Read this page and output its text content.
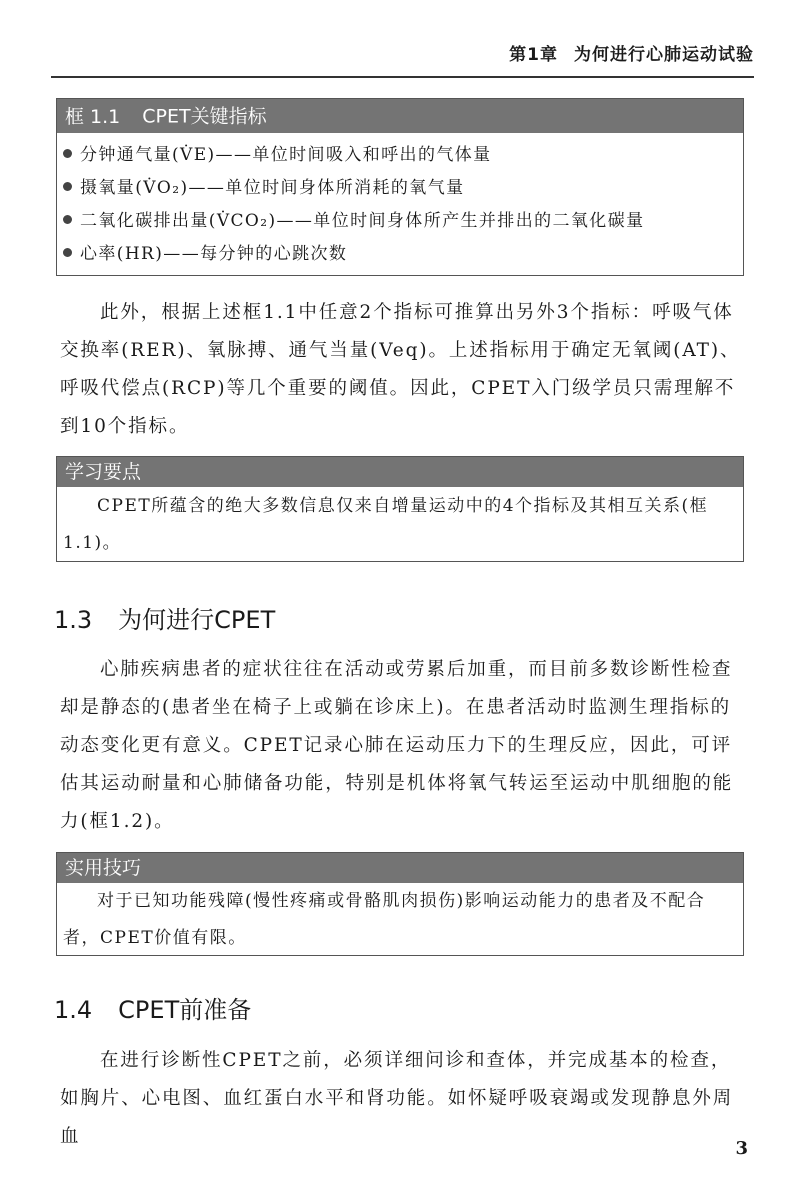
第1章 为何进行心肺运动试验
框 1.1 CPET关键指标
分钟通气量(V̇E)——单位时间吸入和呼出的气体量
摄氧量(V̇O₂)——单位时间身体所消耗的氧气量
二氧化碳排出量(V̇CO₂)——单位时间身体所产生并排出的二氧化碳量
心率(HR)——每分钟的心跳次数
此外，根据上述框1.1中任意2个指标可推算出另外3个指标：呼吸气体交换率(RER)、氧脉搏、通气当量(Veq)。上述指标用于确定无氧阈(AT)、呼吸代偿点(RCP)等几个重要的阈值。因此，CPET入门级学员只需理解不到10个指标。
学习要点
CPET所蕴含的绝大多数信息仅来自增量运动中的4个指标及其相互关系(框1.1)。
1.3 为何进行CPET
心肺疾病患者的症状往往在活动或劳累后加重，而目前多数诊断性检查却是静态的(患者坐在椅子上或躺在诊床上)。在患者活动时监测生理指标的动态变化更有意义。CPET记录心肺在运动压力下的生理反应，因此，可评估其运动耐量和心肺储备功能，特别是机体将氧气转运至运动中肌细胞的能力(框1.2)。
实用技巧
对于已知功能残障(慢性疼痛或骨骼肌肉损伤)影响运动能力的患者及不配合者，CPET价值有限。
1.4 CPET前准备
在进行诊断性CPET之前，必须详细问诊和查体，并完成基本的检查，如胸片、心电图、血红蛋白水平和肾功能。如怀疑呼吸衰竭或发现静息外周血
3
